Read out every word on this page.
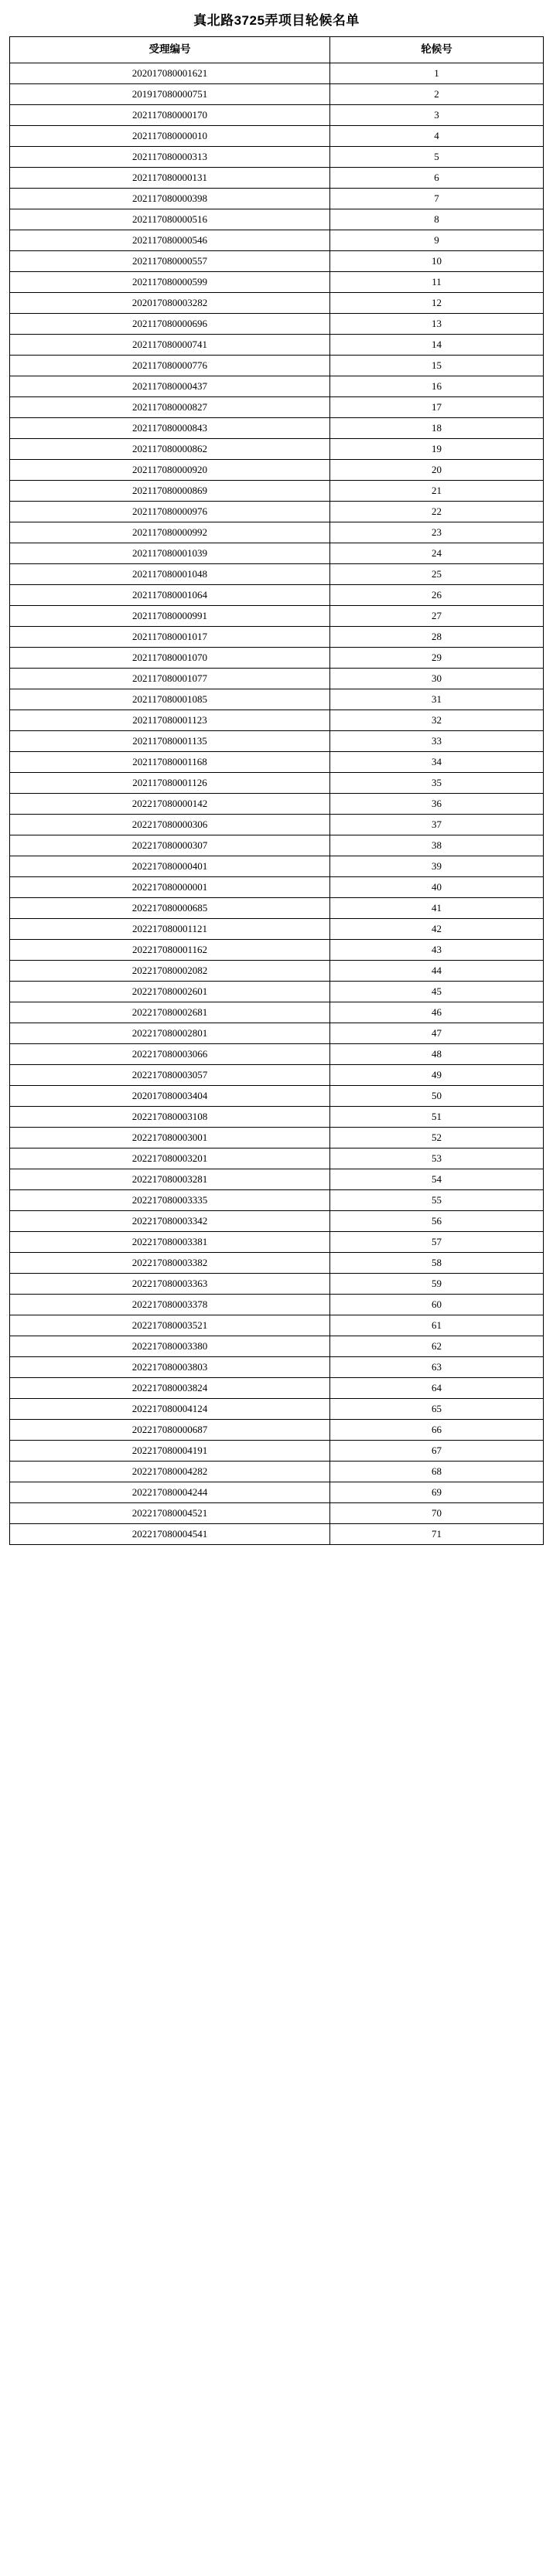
真北路3725弄项目轮候名单
受理编号	轮候号
202017080001621	1
201917080000751	2
202117080000170	3
202117080000010	4
202117080000313	5
202117080000131	6
202117080000398	7
202117080000516	8
202117080000546	9
202117080000557	10
202117080000599	11
202017080003282	12
202117080000696	13
202117080000741	14
202117080000776	15
202117080000437	16
202117080000827	17
202117080000843	18
202117080000862	19
202117080000920	20
202117080000869	21
202117080000976	22
202117080000992	23
202117080001039	24
202117080001048	25
202117080001064	26
202117080000991	27
202117080001017	28
202117080001070	29
202117080001077	30
202117080001085	31
202117080001123	32
202117080001135	33
202117080001168	34
202117080001126	35
202217080000142	36
202217080000306	37
202217080000307	38
202217080000401	39
202217080000001	40
202217080000685	41
202217080001121	42
202217080001162	43
202217080002082	44
202217080002601	45
202217080002681	46
202217080002801	47
202217080003066	48
202217080003057	49
202017080003404	50
202217080003108	51
202217080003001	52
202217080003201	53
202217080003281	54
202217080003335	55
202217080003342	56
202217080003381	57
202217080003382	58
202217080003363	59
202217080003378	60
202217080003521	61
202217080003380	62
202217080003803	63
202217080003824	64
202217080004124	65
202217080000687	66
202217080004191	67
202217080004282	68
202217080004244	69
202217080004521	70
202217080004541	71
